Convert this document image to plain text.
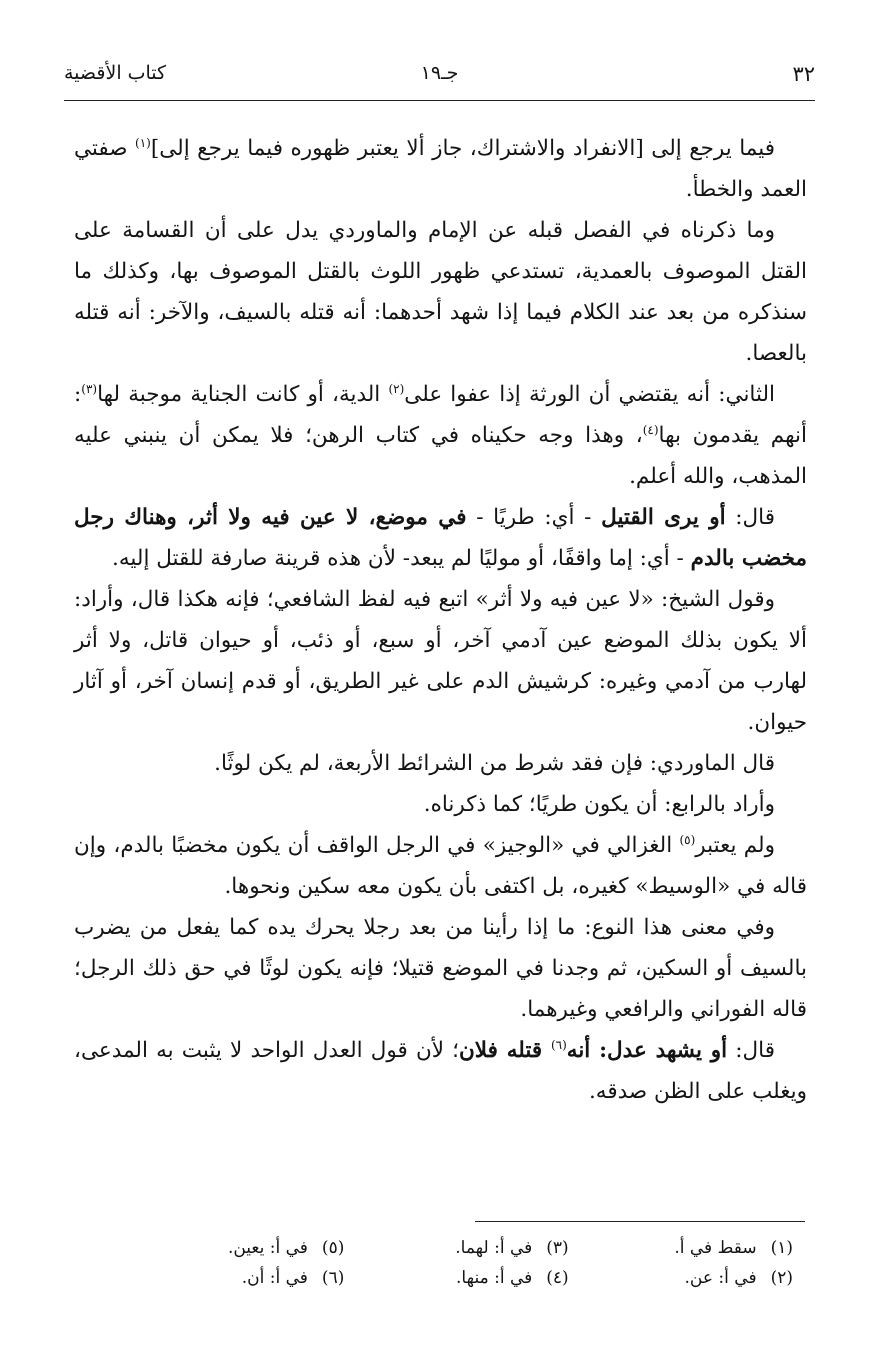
٣٢
جـ١٩
كتاب الأقضية

فيما يرجع إلى [الانفراد والاشتراك، جاز ألا يعتبر ظهوره فيما يرجع إلى]$^{(١)}$ صفتي العمد والخطأ.

وما ذكرناه في الفصل قبله عن الإمام والماوردي يدل على أن القسامة على القتل الموصوف بالعمدية، تستدعي ظهور اللوث بالقتل الموصوف بها، وكذلك ما سنذكره من بعد عند الكلام فيما إذا شهد أحدهما: أنه قتله بالسيف، والآخر: أنه قتله بالعصا.

الثاني: أنه يقتضي أن الورثة إذا عفوا على$^{(٢)}$ الدية، أو كانت الجناية موجبة لها$^{(٣)}$: أنهم يقدمون بها$^{(٤)}$، وهذا وجه حكيناه في كتاب الرهن؛ فلا يمكن أن ينبني عليه المذهب، والله أعلم.

قال: أو يرى القتيل - أي: طريًا - في موضع، لا عين فيه ولا أثر، وهناك رجل مخضب بالدم - أي: إما واقفًا، أو موليًا لم يبعد- لأن هذه قرينة صارفة للقتل إليه.

وقول الشيخ: «لا عين فيه ولا أثر» اتبع فيه لفظ الشافعي؛ فإنه هكذا قال، وأراد: ألا يكون بذلك الموضع عين آدمي آخر، أو سبع، أو ذئب، أو حيوان قاتل، ولا أثر لهارب من آدمي وغيره: كرشيش الدم على غير الطريق، أو قدم إنسان آخر، أو آثار حيوان.

قال الماوردي: فإن فقد شرط من الشرائط الأربعة، لم يكن لوثًا.

وأراد بالرابع: أن يكون طريًا؛ كما ذكرناه.

ولم يعتبر$^{(٥)}$ الغزالي في «الوجيز» في الرجل الواقف أن يكون مخضبًا بالدم، وإن قاله في «الوسيط» كغيره، بل اكتفى بأن يكون معه سكين ونحوها.

وفي معنى هذا النوع: ما إذا رأينا من بعد رجلا يحرك يده كما يفعل من يضرب بالسيف أو السكين، ثم وجدنا في الموضع قتيلا؛ فإنه يكون لوثًا في حق ذلك الرجل؛ قاله الفوراني والرافعي وغيرهما.

قال: أو يشهد عدل: أنه$^{(٦)}$ قتله فلان؛ لأن قول العدل الواحد لا يثبت به المدعى، ويغلب على الظن صدقه.

(١)سقط في أ.
(٢)في أ: عن.
(٣)في أ: لهما.
(٤)في أ: منها.
(٥)في أ: يعين.
(٦)في أ: أن.
